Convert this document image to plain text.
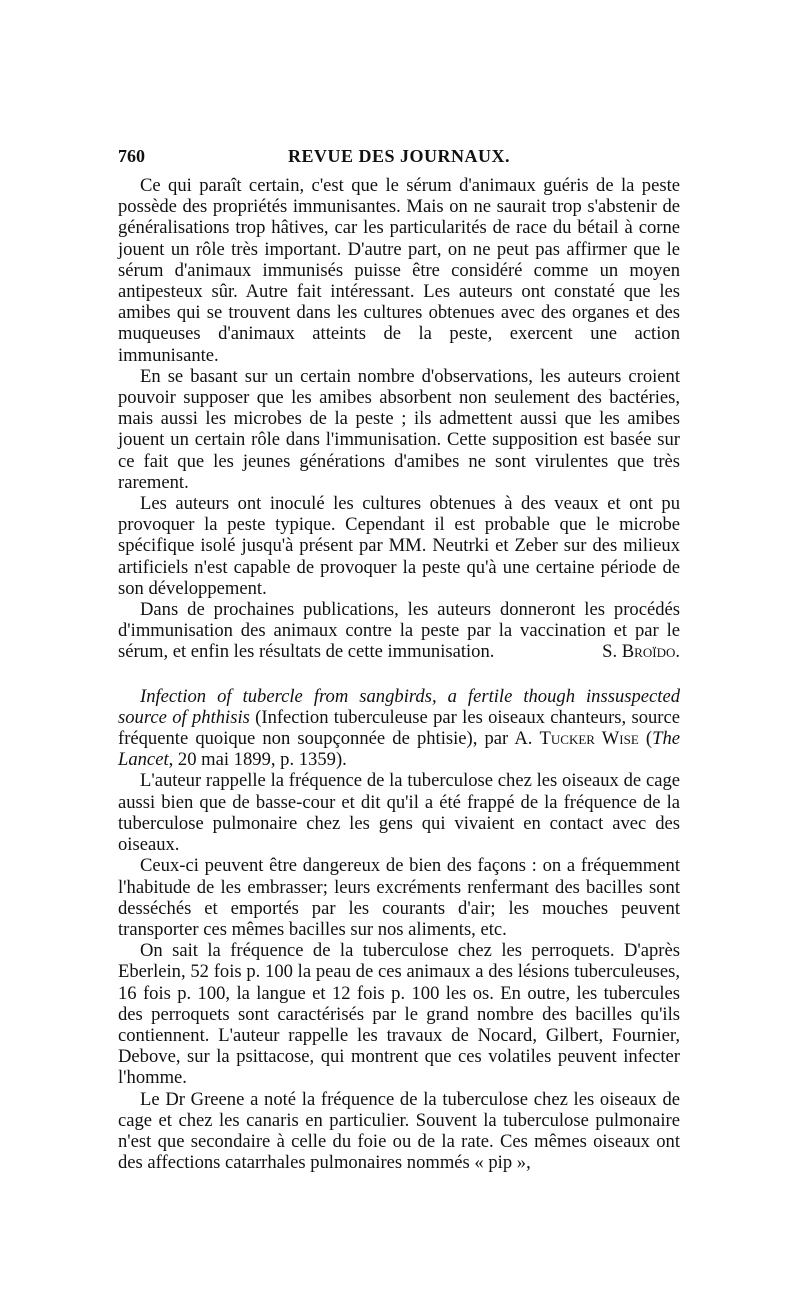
760	REVUE DES JOURNAUX.

Ce qui paraît certain, c'est que le sérum d'animaux guéris de la peste possède des propriétés immunisantes. Mais on ne saurait trop s'abstenir de généralisations trop hâtives, car les particularités de race du bétail à corne jouent un rôle très important. D'autre part, on ne peut pas affirmer que le sérum d'animaux immunisés puisse être considéré comme un moyen antipesteux sûr. Autre fait intéressant. Les auteurs ont constaté que les amibes qui se trouvent dans les cultures obtenues avec des organes et des muqueuses d'animaux atteints de la peste, exercent une action immunisante.

En se basant sur un certain nombre d'observations, les auteurs croient pouvoir supposer que les amibes absorbent non seulement des bactéries, mais aussi les microbes de la peste ; ils admettent aussi que les amibes jouent un certain rôle dans l'immunisation. Cette supposition est basée sur ce fait que les jeunes générations d'amibes ne sont virulentes que très rarement.

Les auteurs ont inoculé les cultures obtenues à des veaux et ont pu provoquer la peste typique. Cependant il est probable que le microbe spécifique isolé jusqu'à présent par MM. Neutrki et Zeber sur des milieux artificiels n'est capable de provoquer la peste qu'à une certaine période de son développement.

Dans de prochaines publications, les auteurs donneront les procédés d'immunisation des animaux contre la peste par la vaccination et par le sérum, et enfin les résultats de cette immunisation.	S. Broïdo.

Infection of tubercle from sangbirds, a fertile though inssuspected source of phthisis (Infection tuberculeuse par les oiseaux chanteurs, source fréquente quoique non soupçonnée de phtisie), par A. Tucker Wise (The Lancet, 20 mai 1899, p. 1359).

L'auteur rappelle la fréquence de la tuberculose chez les oiseaux de cage aussi bien que de basse-cour et dit qu'il a été frappé de la fréquence de la tuberculose pulmonaire chez les gens qui vivaient en contact avec des oiseaux.

Ceux-ci peuvent être dangereux de bien des façons : on a fréquemment l'habitude de les embrasser; leurs excréments renfermant des bacilles sont desséchés et emportés par les courants d'air; les mouches peuvent transporter ces mêmes bacilles sur nos aliments, etc.

On sait la fréquence de la tuberculose chez les perroquets. D'après Eberlein, 52 fois p. 100 la peau de ces animaux a des lésions tuberculeuses, 16 fois p. 100, la langue et 12 fois p. 100 les os. En outre, les tubercules des perroquets sont caractérisés par le grand nombre des bacilles qu'ils contiennent. L'auteur rappelle les travaux de Nocard, Gilbert, Fournier, Debove, sur la psittacose, qui montrent que ces volatiles peuvent infecter l'homme.

Le Dr Greene a noté la fréquence de la tuberculose chez les oiseaux de cage et chez les canaris en particulier. Souvent la tuberculose pulmonaire n'est que secondaire à celle du foie ou de la rate. Ces mêmes oiseaux ont des affections catarrhales pulmonaires nommés « pip »,
